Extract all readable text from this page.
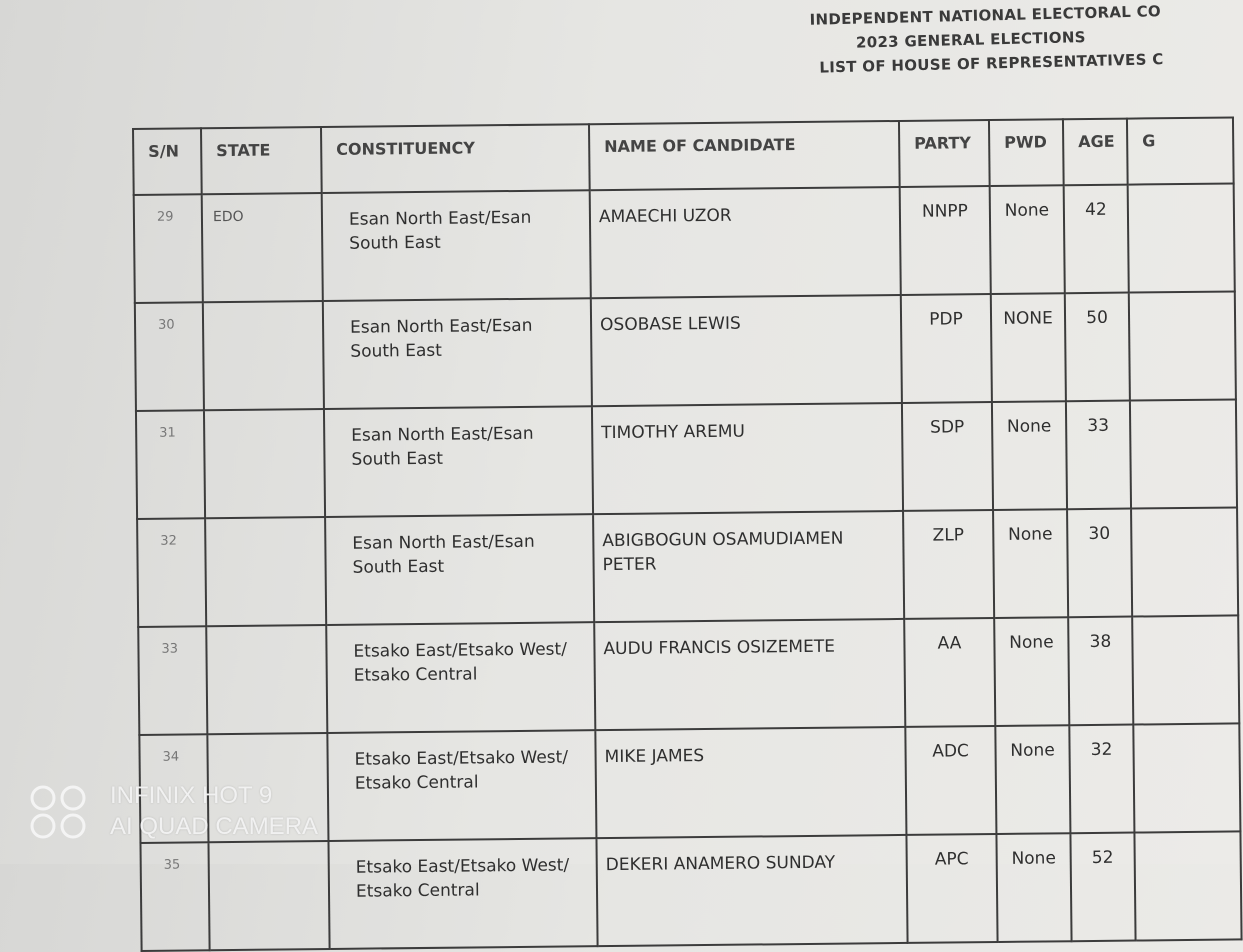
INDEPENDENT NATIONAL ELECTORAL CO
2023 GENERAL ELECTIONS
LIST OF HOUSE OF REPRESENTATIVES C
S/N	STATE	CONSTITUENCY	NAME OF CANDIDATE	PARTY	PWD	AGE	G
29	EDO	Esan North East/Esan South East	AMAECHI UZOR	NNPP	None	42	
30		Esan North East/Esan South East	OSOBASE LEWIS	PDP	NONE	50	
31		Esan North East/Esan South East	TIMOTHY AREMU	SDP	None	33	
32		Esan North East/Esan South East	ABIGBOGUN OSAMUDIAMEN PETER	ZLP	None	30	
33		Etsako East/Etsako West/ Etsako Central	AUDU FRANCIS OSIZEMETE	AA	None	38	
34		Etsako East/Etsako West/ Etsako Central	MIKE JAMES	ADC	None	32	
35		Etsako East/Etsako West/ Etsako Central	DEKERI ANAMERO SUNDAY	APC	None	52	
INFINIX HOT 9
AI QUAD CAMERA
